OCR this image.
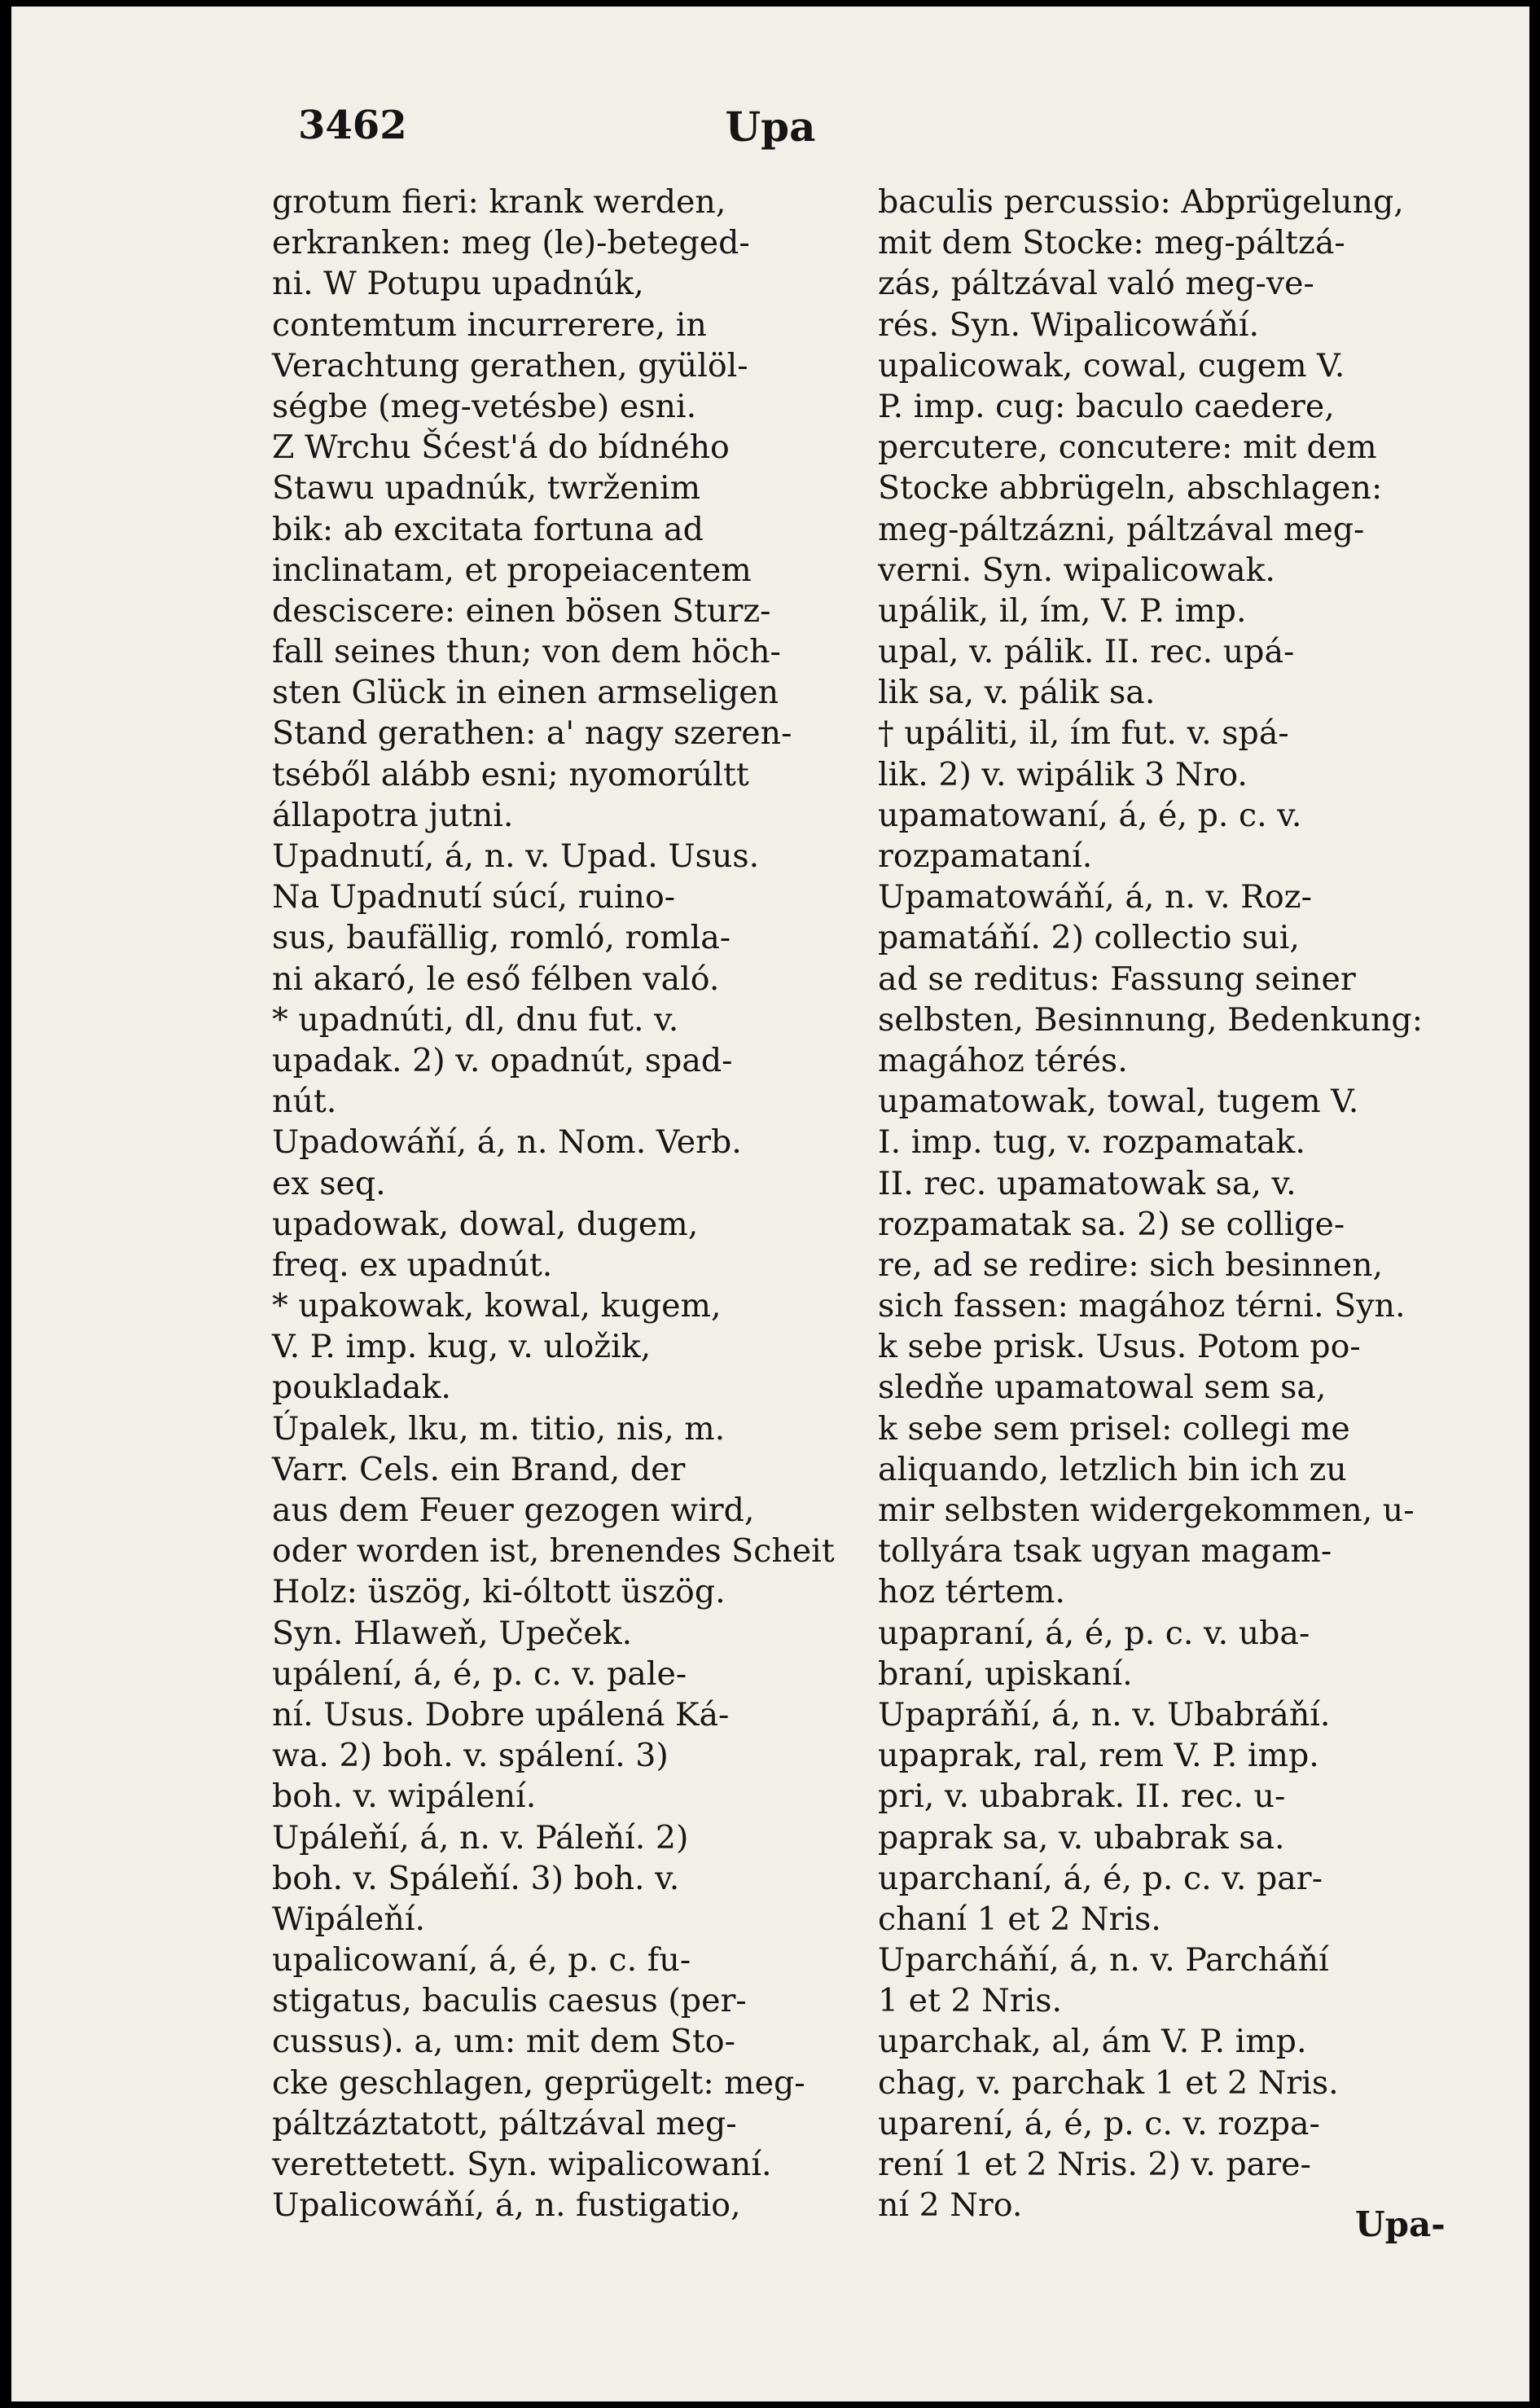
3462	Upa
grotum fieri: krank werden,
erkranken: meg (le)-beteged-
ni. W Potupu upadnúk,
contemtum incurrerere, in
Verachtung gerathen, gyülöl-
ségbe (meg-vetésbe) esni.
Z Wrchu Šćest'á do bídného
Stawu upadnúk, twrženim
bik: ab excitata fortuna ad
inclinatam, et propeiacentem
desciscere: einen bösen Sturz-
fall seines thun; von dem höch-
sten Glück in einen armseligen
Stand gerathen: a' nagy szeren-
tséből alább esni; nyomorúltt
állapotra jutni.
Upadnutí, á, n. v. Upad. Usus.
Na Upadnutí súcí, ruino-
sus, baufällig, romló, romla-
ni akaró, le eső félben való.
* upadnúti, dl, dnu fut. v.
upadak. 2) v. opadnút, spad-
nút.
Upadowáňí, á, n. Nom. Verb.
ex seq.
upadowak, dowal, dugem,
freq. ex upadnút.
* upakowak, kowal, kugem,
V. P. imp. kug, v. uložik,
poukladak.
Úpalek, lku, m. titio, nis, m.
Varr. Cels. ein Brand, der
aus dem Feuer gezogen wird,
oder worden ist, brenendes Scheit
Holz: üszög, ki-óltott üszög.
Syn. Hlaweň, Upeček.
upálení, á, é, p. c. v. pale-
ní. Usus. Dobre upálená Ká-
wa. 2) boh. v. spálení. 3)
boh. v. wipálení.
Upáleňí, á, n. v. Páleňí. 2)
boh. v. Spáleňí. 3) boh. v.
Wipáleňí.
upalicowaní, á, é, p. c. fu-
stigatus, baculis caesus (per-
cussus). a, um: mit dem Sto-
cke geschlagen, geprügelt: meg-
páltzáztatott, páltzával meg-
verettetett. Syn. wipalicowaní.
Upalicowáňí, á, n. fustigatio,
baculis percussio: Abprügelung,
mit dem Stocke: meg-páltzá-
zás, páltzával való meg-ve-
rés. Syn. Wipalicowáňí.
upalicowak, cowal, cugem V.
P. imp. cug: baculo caedere,
percutere, concutere: mit dem
Stocke abbrügeln, abschlagen:
meg-páltzázni, páltzával meg-
verni. Syn. wipalicowak.
upálik, il, ím, V. P. imp.
upal, v. pálik. II. rec. upá-
lik sa, v. pálik sa.
† upáliti, il, ím fut. v. spá-
lik. 2) v. wipálik 3 Nro.
upamatowaní, á, é, p. c. v.
rozpamataní.
Upamatowáňí, á, n. v. Roz-
pamatáňí. 2) collectio sui,
ad se reditus: Fassung seiner
selbsten, Besinnung, Bedenkung:
magához térés.
upamatowak, towal, tugem V.
I. imp. tug, v. rozpamatak.
II. rec. upamatowak sa, v.
rozpamatak sa. 2) se collige-
re, ad se redire: sich besinnen,
sich fassen: magához térni. Syn.
k sebe prisk. Usus. Potom po-
sledňe upamatowal sem sa,
k sebe sem prisel: collegi me
aliquando, letzlich bin ich zu
mir selbsten widergekommen, u-
tollyára tsak ugyan magam-
hoz tértem.
upapraní, á, é, p. c. v. uba-
braní, upiskaní.
Upapráňí, á, n. v. Ubabráňí.
upaprak, ral, rem V. P. imp.
pri, v. ubabrak. II. rec. u-
paprak sa, v. ubabrak sa.
uparchaní, á, é, p. c. v. par-
chaní 1 et 2 Nris.
Uparcháňí, á, n. v. Parcháňí
1 et 2 Nris.
uparchak, al, ám V. P. imp.
chag, v. parchak 1 et 2 Nris.
uparení, á, é, p. c. v. rozpa-
rení 1 et 2 Nris. 2) v. pare-
ní 2 Nro.	Upa-
